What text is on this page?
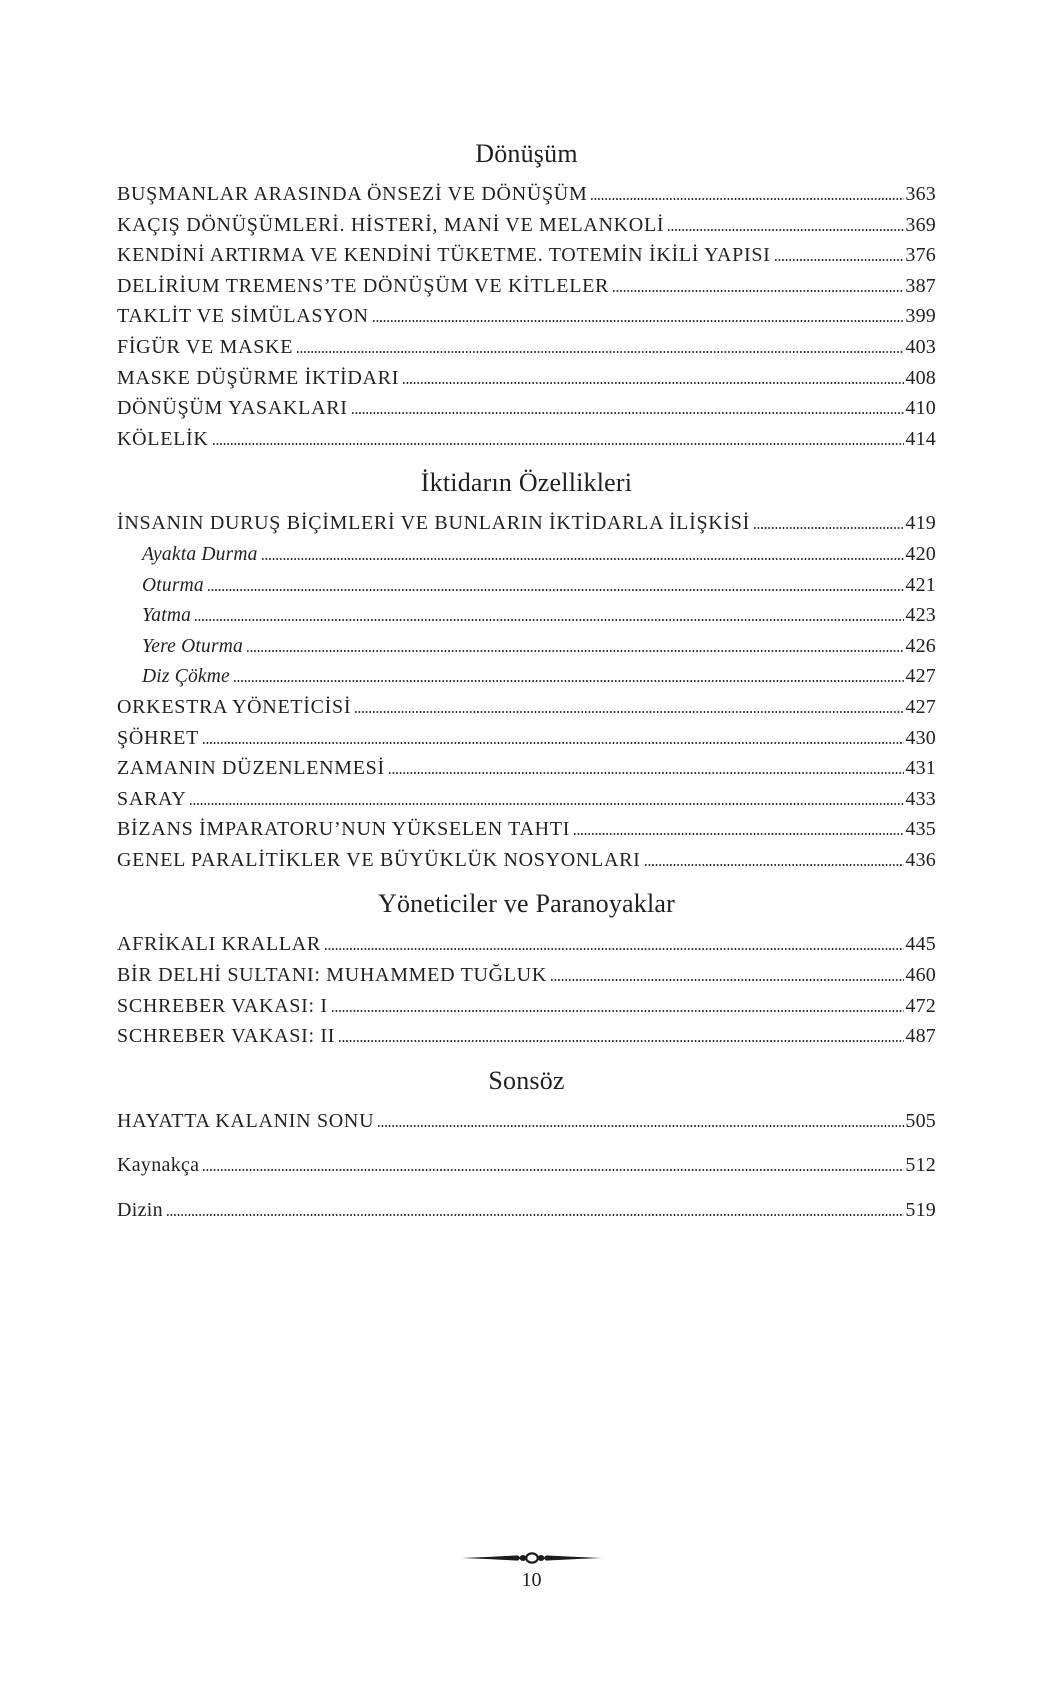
Dönüşüm
BUŞMANLAR ARASINDA ÖNSEZİ VE DÖNÜŞÜM	363
KAÇIŞ DÖNÜŞÜMLERİ. HİSTERİ, MANİ VE MELANKOLİ	369
KENDİNİ ARTIRMA VE KENDİNİ TÜKETME. TOTEMİN İKİLİ YAPISI	376
DELİRİUM TREMENS’TE DÖNÜŞÜM VE KİTLELER	387
TAKLİT VE SİMÜLASYON	399
FİGÜR VE MASKE	403
MASKE DÜŞÜRME İKTİDARI	408
DÖNÜŞÜM YASAKLARI	410
KÖLELİK	414
İktidarın Özellikleri
İNSANIN DURUŞ BİÇİMLERİ VE BUNLARIN İKTİDARLA İLİŞKİSİ	419
Ayakta Durma	420
Oturma	421
Yatma	423
Yere Oturma	426
Diz Çökme	427
ORKESTRA YÖNETİCİSİ	427
ŞÖHRET	430
ZAMANIN DÜZENLENMESİ	431
SARAY	433
BİZANS İMPARATORU’NUN YÜKSELEN TAHTI	435
GENEL PARALİTİKLER VE BÜYÜKLÜK NOSYONLARI	436
Yöneticiler ve Paranoyaklar
AFRİKALI KRALLAR	445
BİR DELHİ SULTANI: MUHAMMED TUĞLUK	460
SCHREBER VAKASI: I	472
SCHREBER VAKASI: II	487
Sonsöz
HAYATTA KALANIN SONU	505
Kaynakça	512
Dizin	519
10
